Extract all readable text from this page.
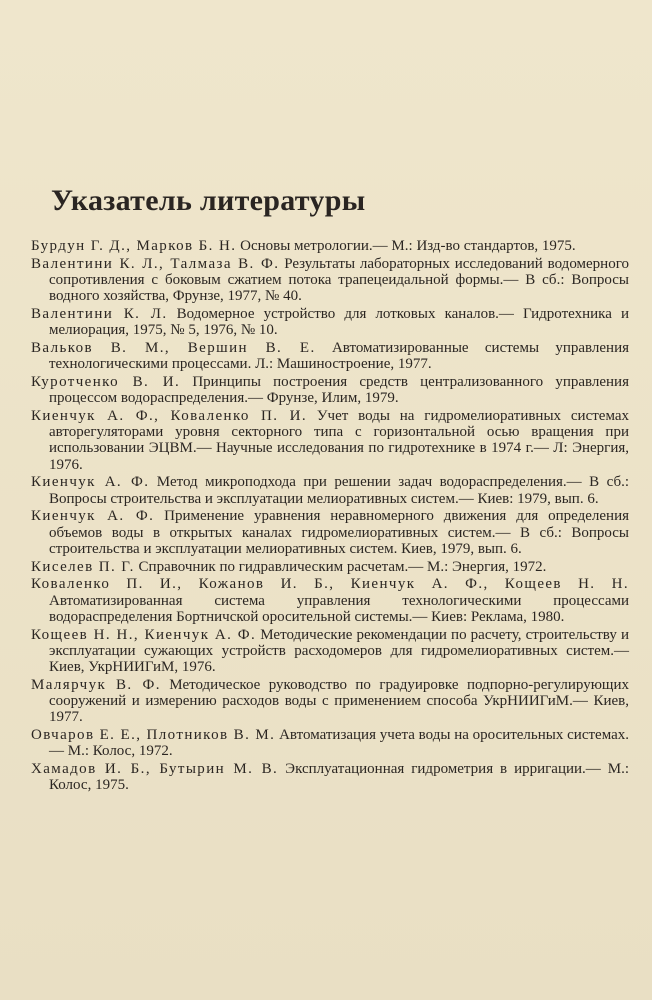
Указатель литературы
Бурдун Г. Д., Марков Б. Н. Основы метрологии.— М.: Изд-во стандартов, 1975.
Валентини К. Л., Талмаза В. Ф. Результаты лабораторных исследований водомерного сопротивления с боковым сжатием потока трапецеидальной формы.— В сб.: Вопросы водного хозяйства, Фрунзе, 1977, № 40.
Валентини К. Л. Водомерное устройство для лотковых каналов.— Гидротехника и мелиорация, 1975, № 5, 1976, № 10.
Вальков В. М., Вершин В. Е. Автоматизированные системы управления технологическими процессами. Л.: Машиностроение, 1977.
Куротченко В. И. Принципы построения средств централизованного управления процессом водораспределения.— Фрунзе, Илим, 1979.
Киенчук А. Ф., Коваленко П. И. Учет воды на гидромелиоративных системах авторегуляторами уровня секторного типа с горизонтальной осью вращения при использовании ЭЦВМ.— Научные исследования по гидротехнике в 1974 г.— Л: Энергия, 1976.
Киенчук А. Ф. Метод микроподхода при решении задач водораспределения.— В сб.: Вопросы строительства и эксплуатации мелиоративных систем.— Киев: 1979, вып. 6.
Киенчук А. Ф. Применение уравнения неравномерного движения для определения объемов воды в открытых каналах гидромелиоративных систем.— В сб.: Вопросы строительства и эксплуатации мелиоративных систем. Киев, 1979, вып. 6.
Киселев П. Г. Справочник по гидравлическим расчетам.— М.: Энергия, 1972.
Коваленко П. И., Кожанов И. Б., Киенчук А. Ф., Кощеев Н. Н. Автоматизированная система управления технологическими процессами водораспределения Бортничской оросительной системы.— Киев: Реклама, 1980.
Кощеев Н. Н., Киенчук А. Ф. Методические рекомендации по расчету, строительству и эксплуатации сужающих устройств расходомеров для гидромелиоративных систем.— Киев, УкрНИИГиМ, 1976.
Малярчук В. Ф. Методическое руководство по градуировке подпорно-регулирующих сооружений и измерению расходов воды с применением способа УкрНИИГиМ.— Киев, 1977.
Овчаров Е. Е., Плотников В. М. Автоматизация учета воды на оросительных системах.— М.: Колос, 1972.
Хамадов И. Б., Бутырин М. В. Эксплуатационная гидрометрия в ирригации.— М.: Колос, 1975.
